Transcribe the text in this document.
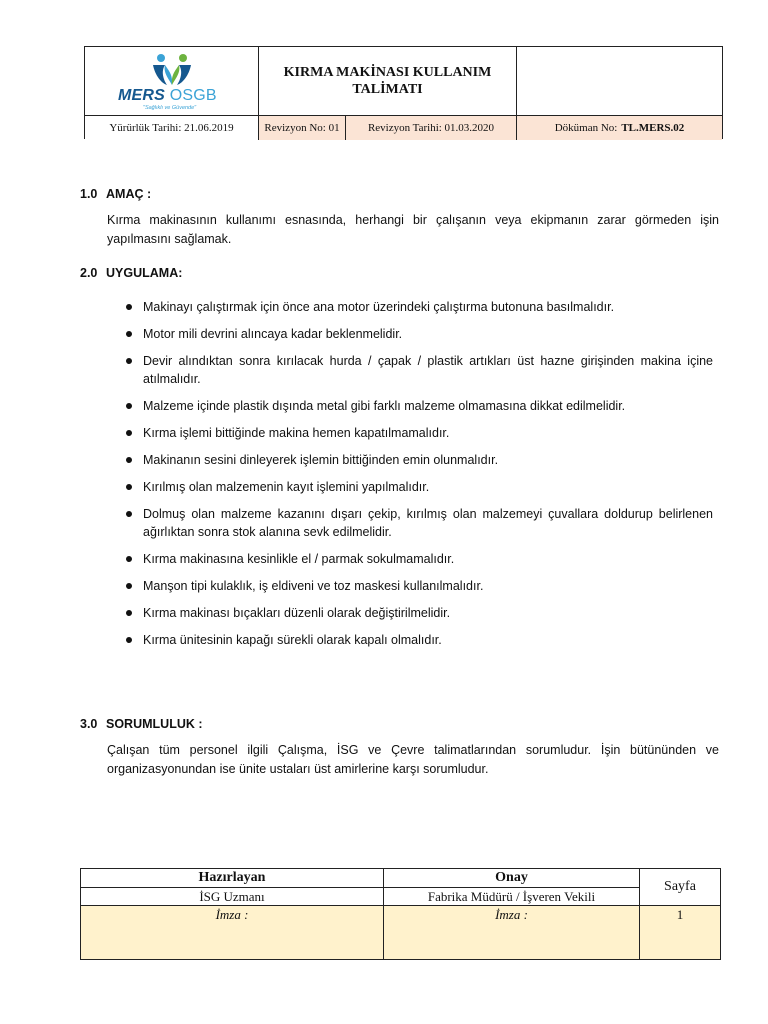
MERS OSGB
"Sağlıklı ve Güvende"
KIRMA MAKİNASI KULLANIM TALİMATI
Yürürlük Tarihi: 21.06.2019	Revizyon No: 01	Revizyon Tarihi: 01.03.2020	Döküman No: TL.MERS.02
1.0 AMAÇ :
Kırma makinasının kullanımı esnasında, herhangi bir çalışanın veya ekipmanın zarar görmeden işin yapılmasını sağlamak.
2.0 UYGULAMA:
Makinayı çalıştırmak için önce ana motor üzerindeki çalıştırma butonuna basılmalıdır.
Motor mili devrini alıncaya kadar beklenmelidir.
Devir alındıktan sonra kırılacak hurda / çapak / plastik artıkları üst hazne girişinden makina içine atılmalıdır.
Malzeme içinde plastik dışında metal gibi farklı malzeme olmamasına dikkat edilmelidir.
Kırma işlemi bittiğinde makina hemen kapatılmamalıdır.
Makinanın sesini dinleyerek işlemin bittiğinden emin olunmalıdır.
Kırılmış olan malzemenin kayıt işlemini yapılmalıdır.
Dolmuş olan malzeme kazanını dışarı çekip, kırılmış olan malzemeyi çuvallara doldurup belirlenen ağırlıktan sonra stok alanına sevk edilmelidir.
Kırma makinasına kesinlikle el / parmak sokulmamalıdır.
Manşon tipi kulaklık, iş eldiveni ve toz maskesi kullanılmalıdır.
Kırma makinası bıçakları düzenli olarak değiştirilmelidir.
Kırma ünitesinin kapağı sürekli olarak kapalı olmalıdır.
3.0 SORUMLULUK :
Çalışan tüm personel ilgili Çalışma, İSG ve Çevre talimatlarından sorumludur. İşin bütününden ve organizasyonundan ise ünite ustaları üst amirlerine karşı sorumludur.
Hazırlayan	Onay
Sayfa
İSG Uzmanı	Fabrika Müdürü / İşveren Vekili
İmza :	İmza :	1
